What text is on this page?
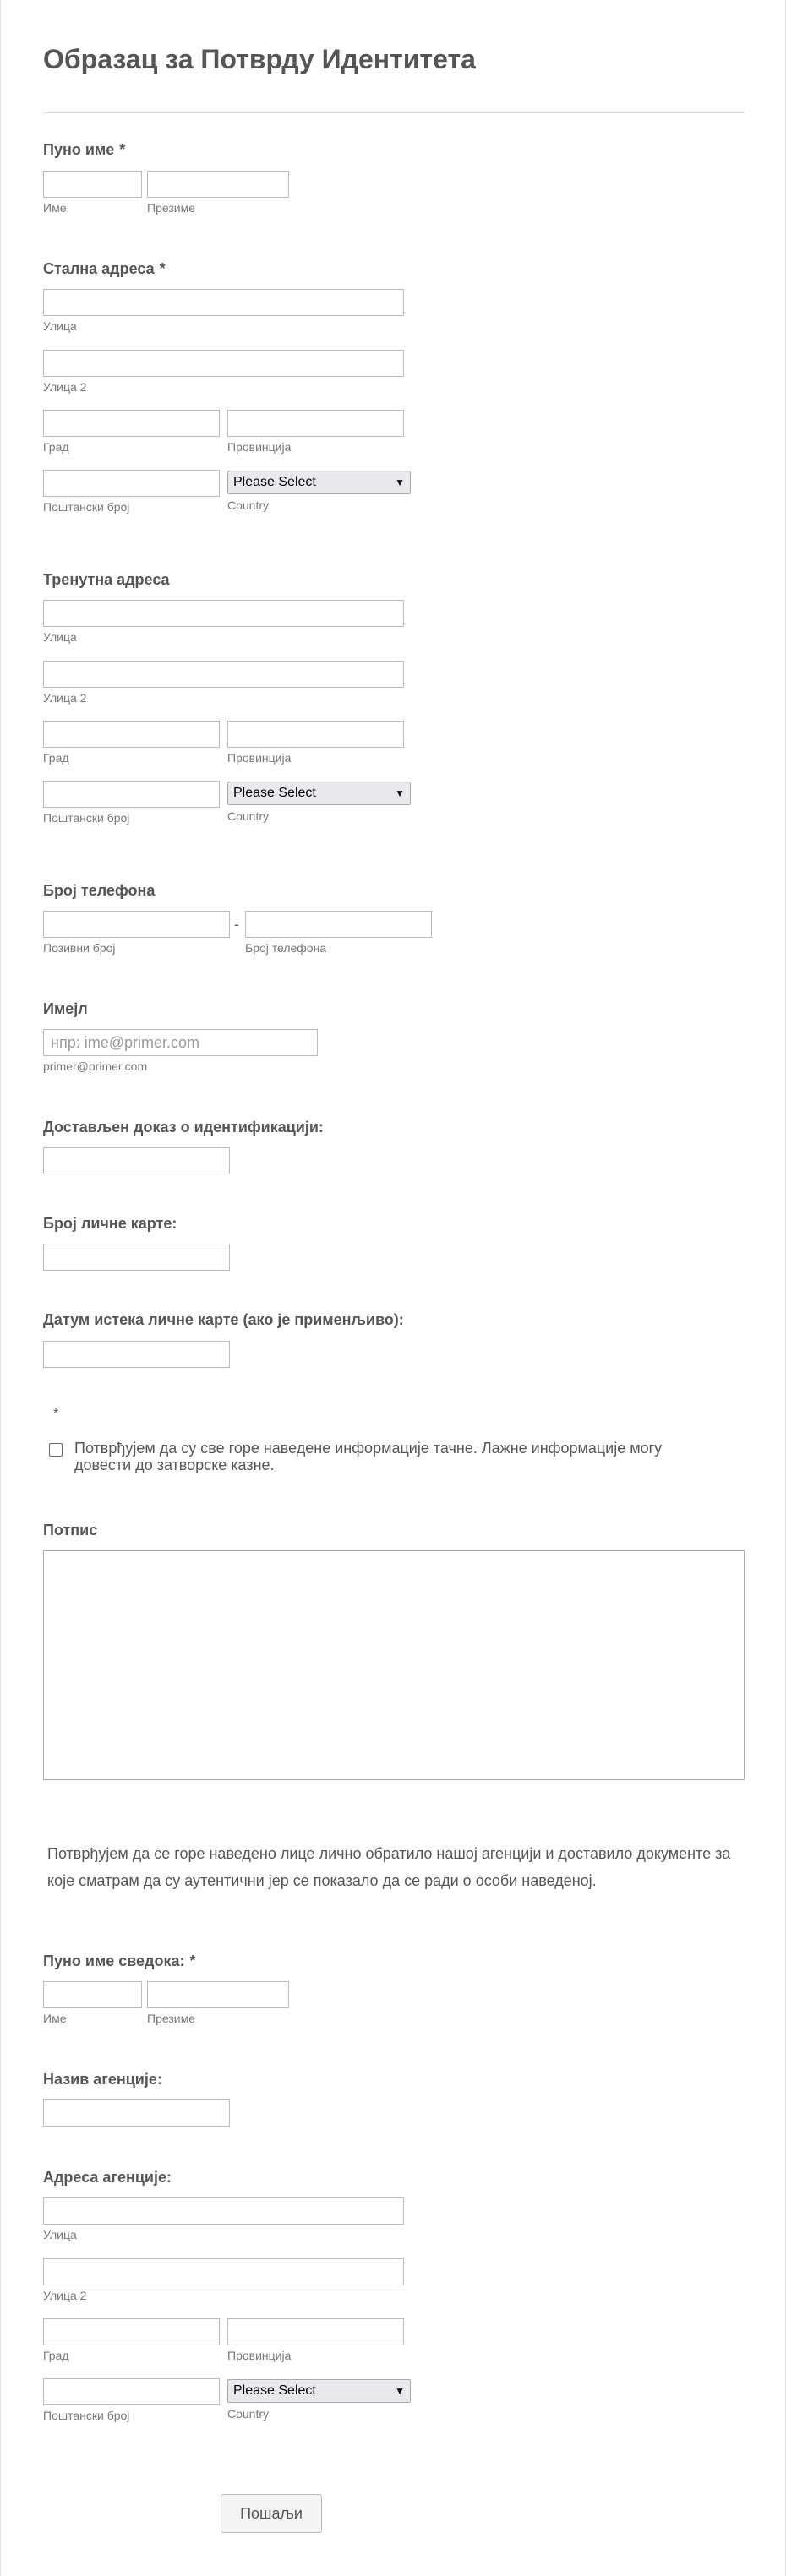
Образац за Потврду Идентитета
Пуно име *
Име	Презиме
Стална адреса *
Улица
Улица 2
Град	Провинција
Please Select	▼
Поштански број	Country
Тренутна адреса
Улица
Улица 2
Град	Провинција
Please Select	▼
Поштански број	Country
Број телефона
-
Позивни број	Број телефона
Имејл
нпр: ime@primer.com
primer@primer.com
Достављен доказ о идентификацији:
Број личне карте:
Датум истека личне карте (ако је применљиво):
*
Потврђујем да су све горе наведене информације тачне. Лажне информације могу довести до затворске казне.
Потпис
Потврђујем да се горе наведено лице лично обратило нашој агенцији и доставило документе за које сматрам да су аутентични јер се показало да се ради о особи наведеној.
Пуно име сведока: *
Име	Презиме
Назив агенције:
Адреса агенције:
Улица
Улица 2
Град	Провинција
Please Select	▼
Поштански број	Country
Пошаљи
